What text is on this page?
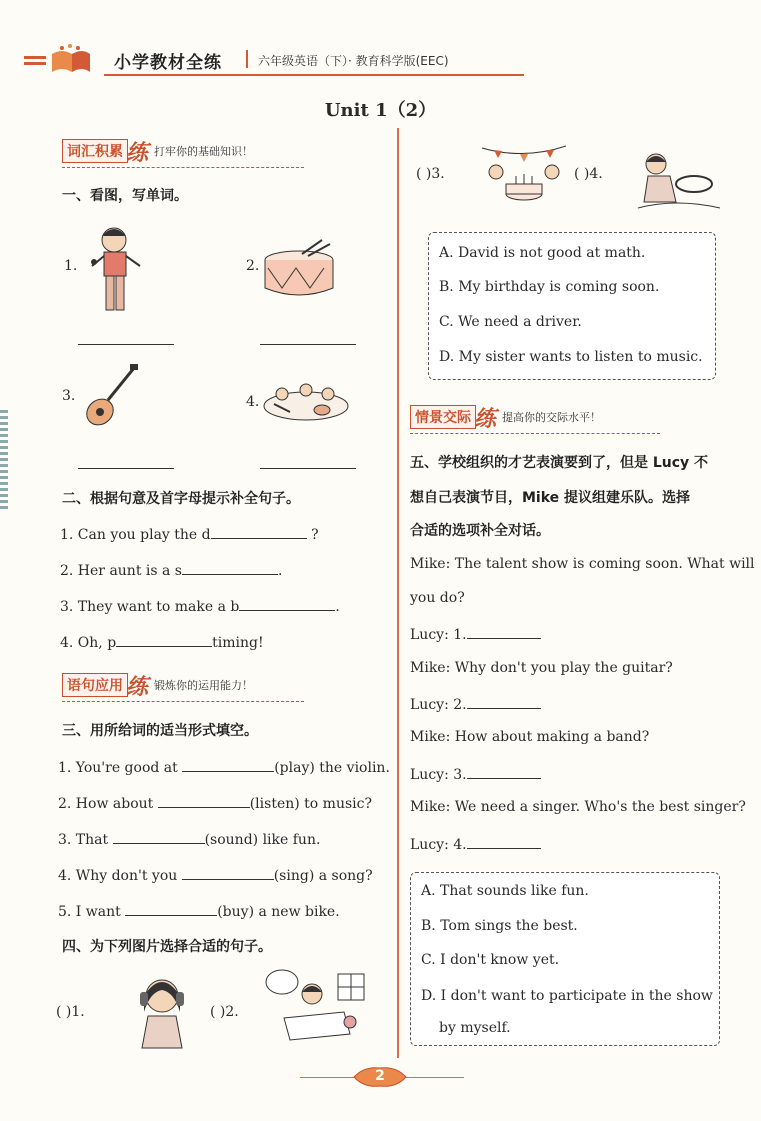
小学教材全练	六年级英语（下）· 教育科学版(EEC)
Unit 1（2）
词汇积累 练 打牢你的基础知识！
一、看图，写单词。
1.	2.
3.	4.
二、根据句意及首字母提示补全句子。
1. Can you play the d	?
2. Her aunt is a s	.
3. They want to make a b	.
4. Oh, p	timing!
语句应用 练 锻炼你的运用能力！
三、用所给词的适当形式填空。
1. You're good at	(play) the violin.
2. How about	(listen) to music?
3. That	(sound) like fun.
4. Why don't you	(sing) a song?
5. I want	(buy) a new bike.
四、为下列图片选择合适的句子。
( )1.	( )2.
( )3.	( )4.
A. David is not good at math.
B. My birthday is coming soon.
C. We need a driver.
D. My sister wants to listen to music.
情景交际 练 提高你的交际水平！
五、学校组织的才艺表演要到了，但是 Lucy 不
想自己表演节目，Mike 提议组建乐队。选择
合适的选项补全对话。
Mike: The talent show is coming soon. What will
you do?
Lucy: 1.
Mike: Why don't you play the guitar?
Lucy: 2.
Mike: How about making a band?
Lucy: 3.
Mike: We need a singer. Who's the best singer?
Lucy: 4.
A. That sounds like fun.
B. Tom sings the best.
C. I don't know yet.
D. I don't want to participate in the show
by myself.
2
